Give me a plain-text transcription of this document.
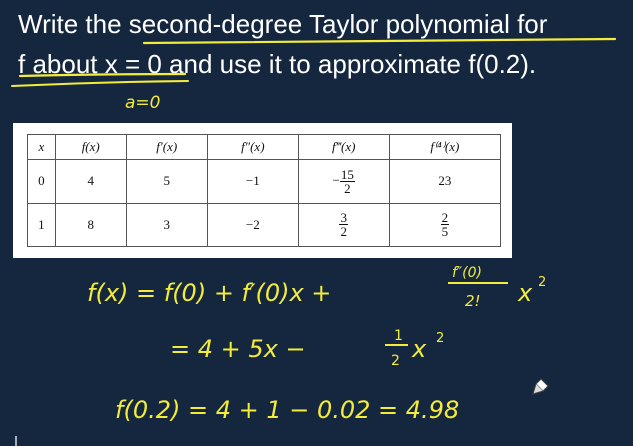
Write the second-degree Taylor polynomial for
f about x = 0 and use it to approximate f(0.2).
x	f(x)	f′(x)	f″(x)	f‴(x)	f⁽⁴⁾(x)
0	4	5	−1	− $\frac{15}{2}$	23
1	8	3	−2	$\frac{3}{2}$	$\frac{2}{5}$
a=0
f(x) = f(0) + f′(0)x +
f″(0)
2! x 2
= 4 + 5x −	1
2 x 2
f(0.2) = 4 + 1 − 0.02 = 4.98
